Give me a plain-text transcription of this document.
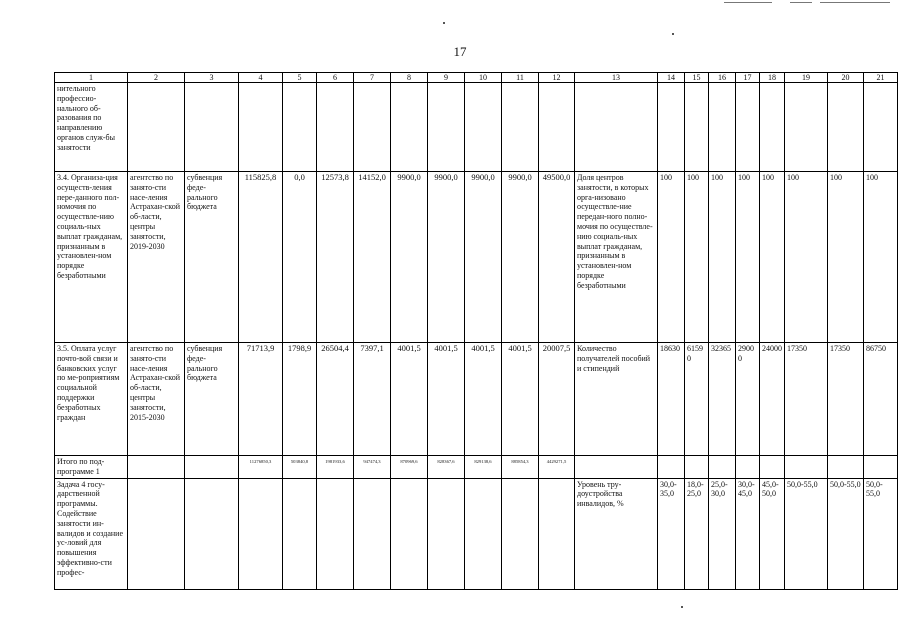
17
1	2	3	4	5	6	7	8	9	10	11	12	13	14	15	16	17	18	19	20	21
нительного профессио-нального об-разования по направлению органов служ-бы занятости																				
3.4. Организа-ция осуществ-ления пере-данного пол-номочия по осуществле-нию социаль-ных выплат гражданам, признанным в установлен-ном порядке безработными	агентство по занято-сти насе-ления Астрахан-ской об-ласти, центры занятости, 2019-2030	субвенция феде-рального бюджета	115825,8	0,0	12573,8	14152,0	9900,0	9900,0	9900,0	9900,0	49500,0	Доля центров занятости, в которых орга-низовано осуществле-ние передан-ного полно-мочия по осуществле-нию социаль-ных выплат гражданам, признанным в установлен-ном порядке безработными	100	100	100	100	100	100	100	100
3.5. Оплата услуг почто-вой связи и банковских услуг по ме-роприятиям социальной поддержки безработных граждан	агентство по занято-сти насе-ления Астрахан-ской об-ласти, центры занятости, 2015-2030	субвенция феде-рального бюджета	71713,9	1798,9	26504,4	7397,1	4001,5	4001,5	4001,5	4001,5	20007,5	Количество получателей пособий и стипендий	18630	61590	32365	29000	24000	17350	17350	86750
Итого по под-программе 1			11276850,3	503840,8	1981933,6	947474,3	870969,6	828367,6	829138,6	885854,3	4429271,5									
Задача 4 госу-дарственной программы. Содействие занятости ин-валидов и создание ус-ловий для повышения эффективно-сти профес-												Уровень тру-доустройства инвалидов, %	30,0-35,0	18,0-25,0	25,0-30,0	30,0-45,0	45,0-50,0	50,0-55,0	50,0-55,0	50,0-55,0
